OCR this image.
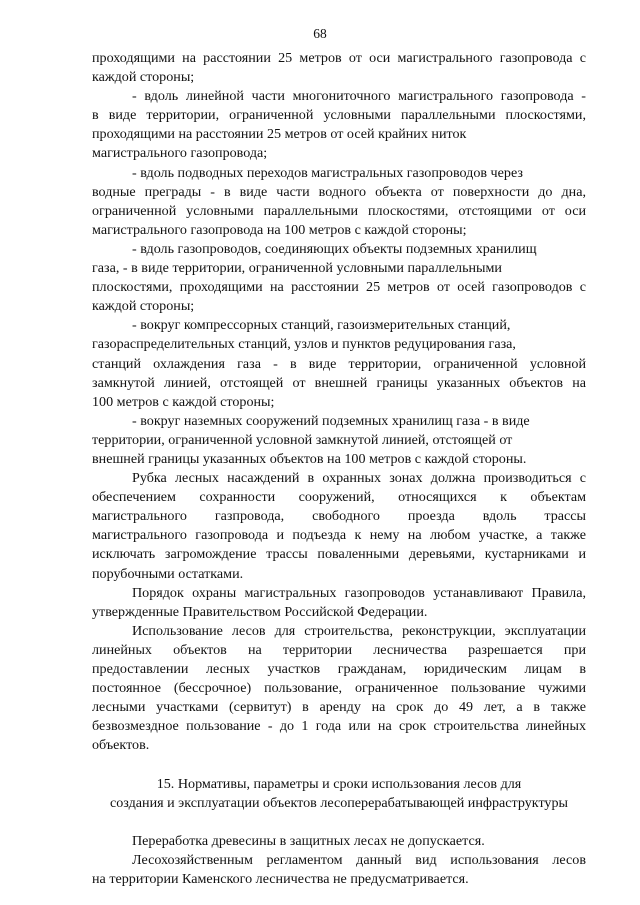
68
проходящими на расстоянии 25 метров от оси магистрального газопровода с
каждой стороны;
- вдоль линейной части многониточного магистрального газопровода -
в виде территории, ограниченной условными параллельными плоскостями,
проходящими на расстоянии 25 метров от осей крайних ниток
магистрального газопровода;
- вдоль подводных переходов магистральных газопроводов через
водные преграды - в виде части водного объекта от поверхности до дна,
ограниченной условными параллельными плоскостями, отстоящими от оси
магистрального газопровода на 100 метров с каждой стороны;
- вдоль газопроводов, соединяющих объекты подземных хранилищ
газа, - в виде территории, ограниченной условными параллельными
плоскостями, проходящими на расстоянии 25 метров от осей газопроводов с
каждой стороны;
- вокруг компрессорных станций, газоизмерительных станций,
газораспределительных станций, узлов и пунктов редуцирования газа,
станций охлаждения газа - в виде территории, ограниченной условной
замкнутой линией, отстоящей от внешней границы указанных объектов на
100 метров с каждой стороны;
- вокруг наземных сооружений подземных хранилищ газа - в виде
территории, ограниченной условной замкнутой линией, отстоящей от
внешней границы указанных объектов на 100 метров с каждой стороны.
Рубка лесных насаждений в охранных зонах должна производиться с
обеспечением сохранности сооружений, относящихся к объектам
магистрального газпровода, свободного проезда вдоль трассы
магистрального газопровода и подъезда к нему на любом участке, а также
исключать загромождение трассы поваленными деревьями, кустарниками и
порубочными остатками.
Порядок охраны магистральных газопроводов устанавливают Правила,
утвержденные Правительством Российской Федерации.
Использование лесов для строительства, реконструкции, эксплуатации
линейных объектов на территории лесничества разрешается при
предоставлении лесных участков гражданам, юридическим лицам в
постоянное (бессрочное) пользование, ограниченное пользование чужими
лесными участками (сервитут) в аренду на срок до 49 лет, а в также
безвозмездное пользование - до 1 года или на срок строительства линейных
объектов.
15. Нормативы, параметры и сроки использования лесов для
создания и эксплуатации объектов лесоперерабатывающей инфраструктуры
Переработка древесины в защитных лесах не допускается.
Лесохозяйственным регламентом данный вид использования лесов
на территории Каменского лесничества не предусматривается.
